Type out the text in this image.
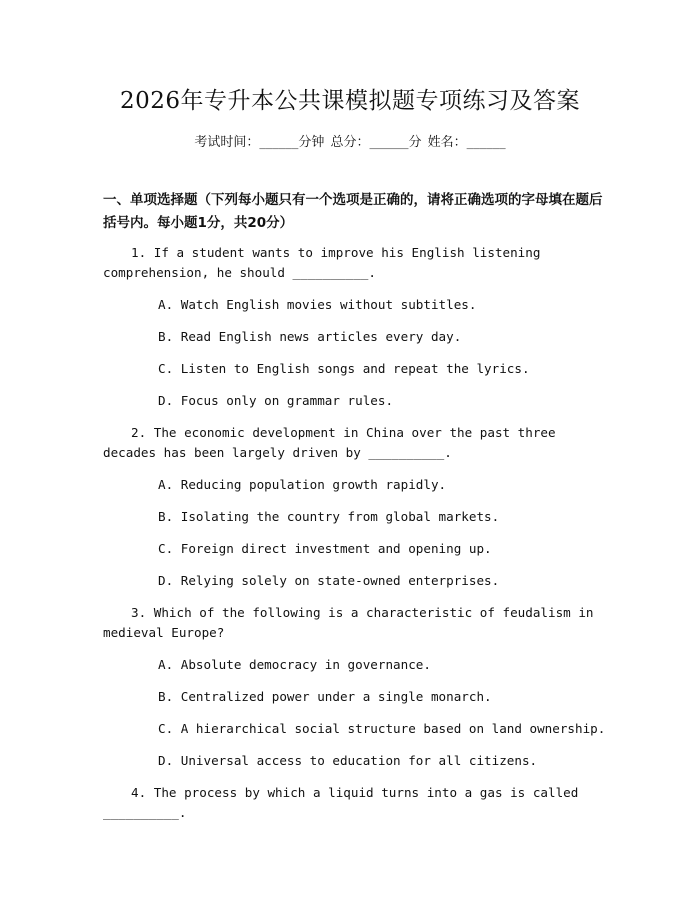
2026年专升本公共课模拟题专项练习及答案
考试时间：______分钟 总分：______分 姓名：______
一、单项选择题（下列每小题只有一个选项是正确的，请将正确选项的字母填在题后括号内。每小题1分，共20分）
1. If a student wants to improve his English listening comprehension, he should __________.
A. Watch English movies without subtitles.
B. Read English news articles every day.
C. Listen to English songs and repeat the lyrics.
D. Focus only on grammar rules.
2. The economic development in China over the past three decades has been largely driven by __________.
A. Reducing population growth rapidly.
B. Isolating the country from global markets.
C. Foreign direct investment and opening up.
D. Relying solely on state-owned enterprises.
3. Which of the following is a characteristic of feudalism in medieval Europe?
A. Absolute democracy in governance.
B. Centralized power under a single monarch.
C. A hierarchical social structure based on land ownership.
D. Universal access to education for all citizens.
4. The process by which a liquid turns into a gas is called __________.
